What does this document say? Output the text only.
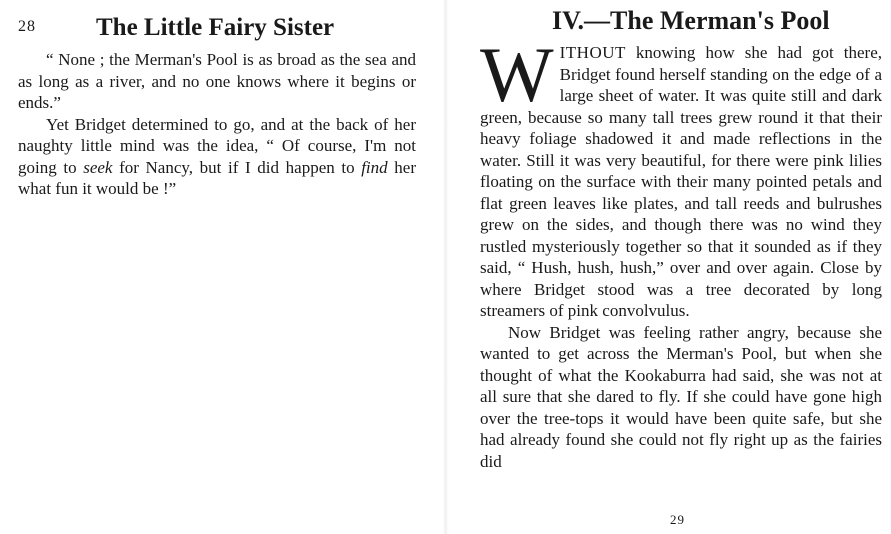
28 The Little Fairy Sister

“ None ; the Merman's Pool is as broad as the sea and as long as a river, and no one knows where it begins or ends.”

Yet Bridget determined to go, and at the back of her naughty little mind was the idea, “ Of course, I'm not going to seek for Nancy, but if I did happen to find her what fun it would be !”

IV.—The Merman's Pool

WITHOUT knowing how she had got there, Bridget found herself standing on the edge of a large sheet of water. It was quite still and dark green, because so many tall trees grew round it that their heavy foliage shadowed it and made reflections in the water. Still it was very beautiful, for there were pink lilies floating on the surface with their many pointed petals and flat green leaves like plates, and tall reeds and bulrushes grew on the sides, and though there was no wind they rustled mysteriously together so that it sounded as if they said, “ Hush, hush, hush,” over and over again. Close by where Bridget stood was a tree decorated by long streamers of pink convolvulus.

Now Bridget was feeling rather angry, because she wanted to get across the Merman's Pool, but when she thought of what the Kookaburra had said, she was not at all sure that she dared to fly. If she could have gone high over the tree-tops it would have been quite safe, but she had already found she could not fly right up as the fairies did

29
